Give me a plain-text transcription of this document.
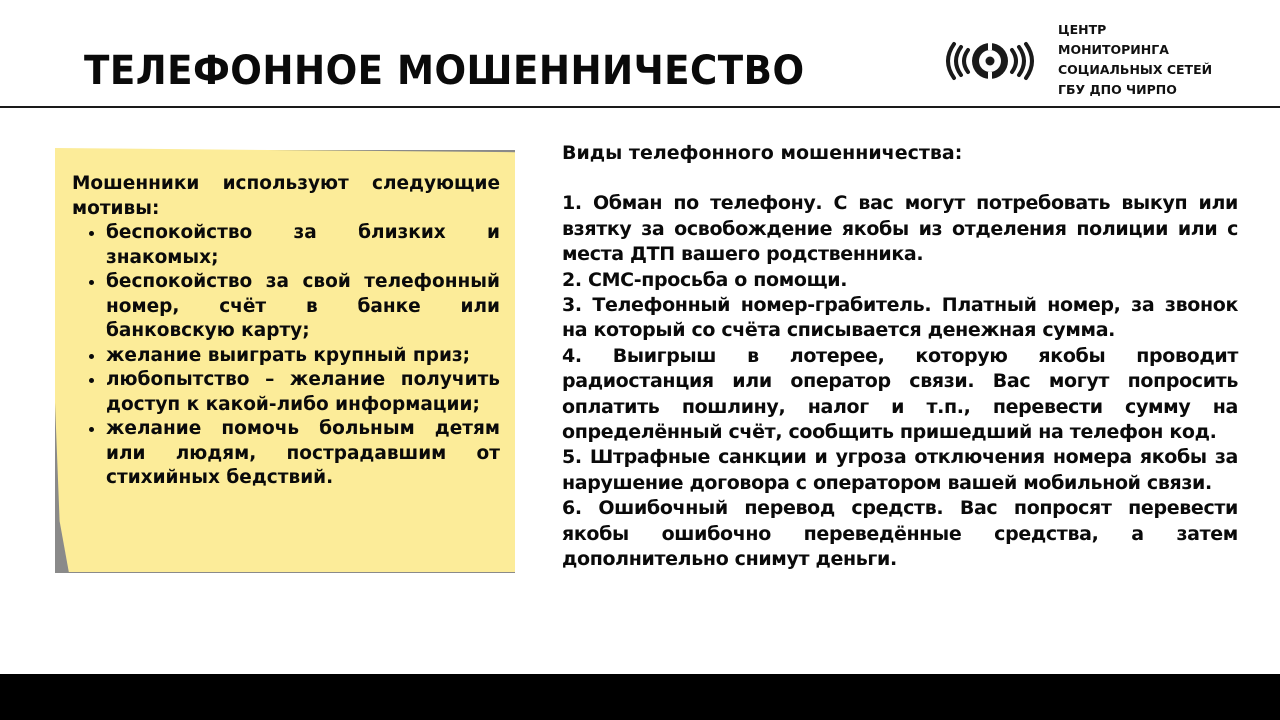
ТЕЛЕФОННОЕ МОШЕННИЧЕСТВО
ЦЕНТР
МОНИТОРИНГА
СОЦИАЛЬНЫХ СЕТЕЙ
ГБУ ДПО ЧИРПО

Мошенники используют следующие мотивы:

• беспокойство за близких и знакомых;
• беспокойство за свой телефонный номер, счёт в банке или банковскую карту;
• желание выиграть крупный приз;
• любопытство – желание получить доступ к какой-либо информации;
• желание помочь больным детям или людям, пострадавшим от стихийных бедствий.

Виды телефонного мошенничества:

1. Обман по телефону. С вас могут потребовать выкуп или взятку за освобождение якобы из отделения полиции или с места ДТП вашего родственника.

2. СМС-просьба о помощи.

3. Телефонный номер-грабитель. Платный номер, за звонок на который со счёта списывается денежная сумма.

4. Выигрыш в лотерее, которую якобы проводит радиостанция или оператор связи. Вас могут попросить оплатить пошлину, налог и т.п., перевести сумму на определённый счёт, сообщить пришедший на телефон код.

5. Штрафные санкции и угроза отключения номера якобы за нарушение договора с оператором вашей мобильной связи.

6. Ошибочный перевод средств. Вас попросят перевести якобы ошибочно переведённые средства, а затем дополнительно снимут деньги.
